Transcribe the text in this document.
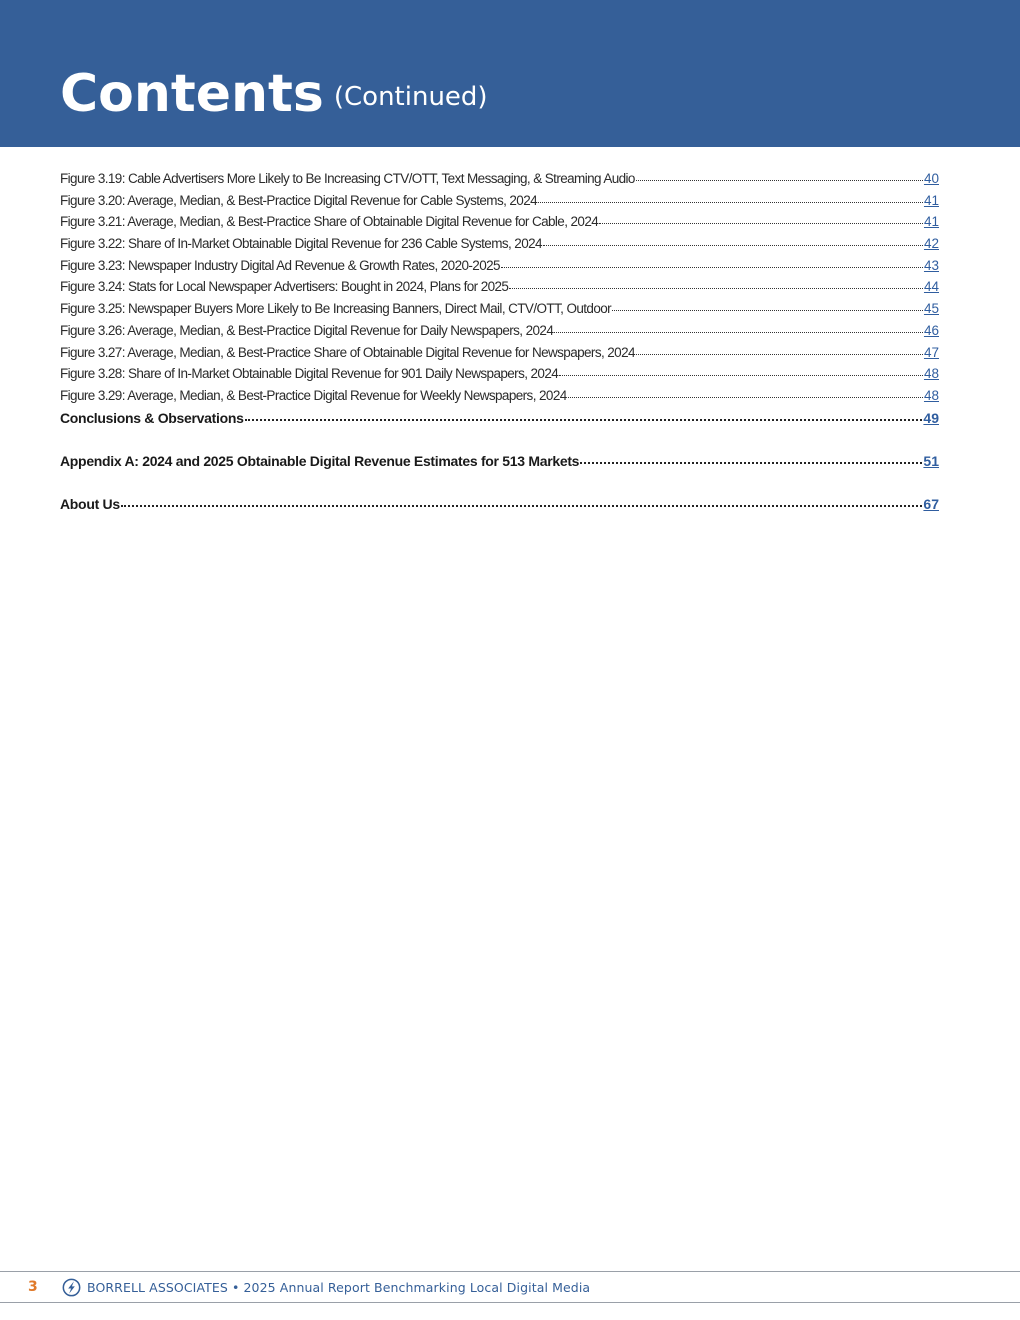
Contents (Continued)
Figure 3.19: Cable Advertisers More Likely to Be Increasing CTV/OTT, Text Messaging, & Streaming Audio	40
Figure 3.20: Average, Median, & Best-Practice Digital Revenue for Cable Systems, 2024	41
Figure 3.21: Average, Median, & Best-Practice Share of Obtainable Digital Revenue for Cable, 2024	41
Figure 3.22: Share of In-Market Obtainable Digital Revenue for 236 Cable Systems, 2024	42
Figure 3.23: Newspaper Industry Digital Ad Revenue & Growth Rates, 2020-2025	43
Figure 3.24: Stats for Local Newspaper Advertisers: Bought in 2024, Plans for 2025	44
Figure 3.25: Newspaper Buyers More Likely to Be Increasing Banners, Direct Mail, CTV/OTT, Outdoor	45
Figure 3.26: Average, Median, & Best-Practice Digital Revenue for Daily Newspapers, 2024	46
Figure 3.27: Average, Median, & Best-Practice Share of Obtainable Digital Revenue for Newspapers, 2024	47
Figure 3.28: Share of In-Market Obtainable Digital Revenue for 901 Daily Newspapers, 2024	48
Figure 3.29: Average, Median, & Best-Practice Digital Revenue for Weekly Newspapers, 2024	48
Conclusions & Observations	49
Appendix A: 2024 and 2025 Obtainable Digital Revenue Estimates for 513 Markets	51
About Us	67
3	BORRELL ASSOCIATES • 2025 Annual Report Benchmarking Local Digital Media
